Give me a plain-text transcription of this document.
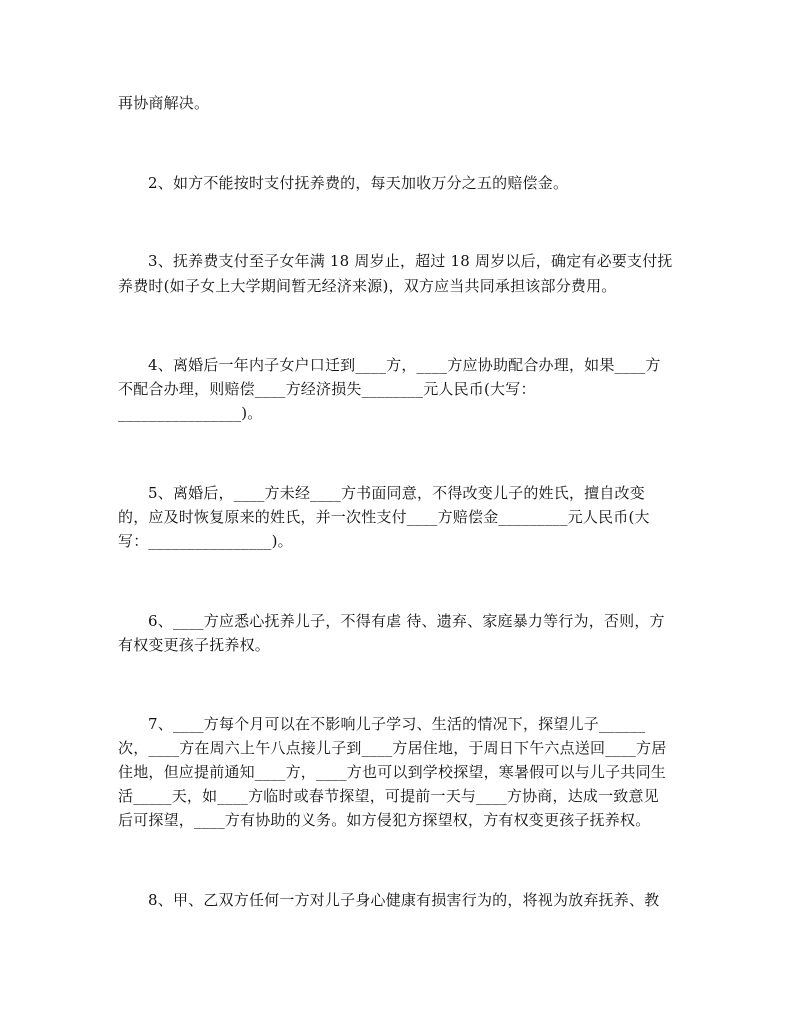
再协商解决。
2、如方不能按时支付抚养费的，每天加收万分之五的赔偿金。
3、抚养费支付至子女年满 18 周岁止，超过 18 周岁以后，确定有必要支付抚
养费时(如子女上大学期间暂无经济来源)，双方应当共同承担该部分费用。
4、离婚后一年内子女户口迁到____方，____方应协助配合办理，如果____方
不配合办理，则赔偿____方经济损失________元人民币(大写：
________________)。
5、离婚后，____方未经____方书面同意，不得改变儿子的姓氏，擅自改变
的，应及时恢复原来的姓氏，并一次性支付____方赔偿金_________元人民币(大
写：________________)。
6、____方应悉心抚养儿子，不得有虐 待、遗弃、家庭暴力等行为，否则，方
有权变更孩子抚养权。
7、____方每个月可以在不影响儿子学习、生活的情况下，探望儿子______
次，____方在周六上午八点接儿子到____方居住地，于周日下午六点送回____方居
住地，但应提前通知____方，____方也可以到学校探望，寒暑假可以与儿子共同生
活_____天，如____方临时或春节探望，可提前一天与____方协商，达成一致意见
后可探望，____方有协助的义务。如方侵犯方探望权，方有权变更孩子抚养权。
8、甲、乙双方任何一方对儿子身心健康有损害行为的，将视为放弃抚养、教
